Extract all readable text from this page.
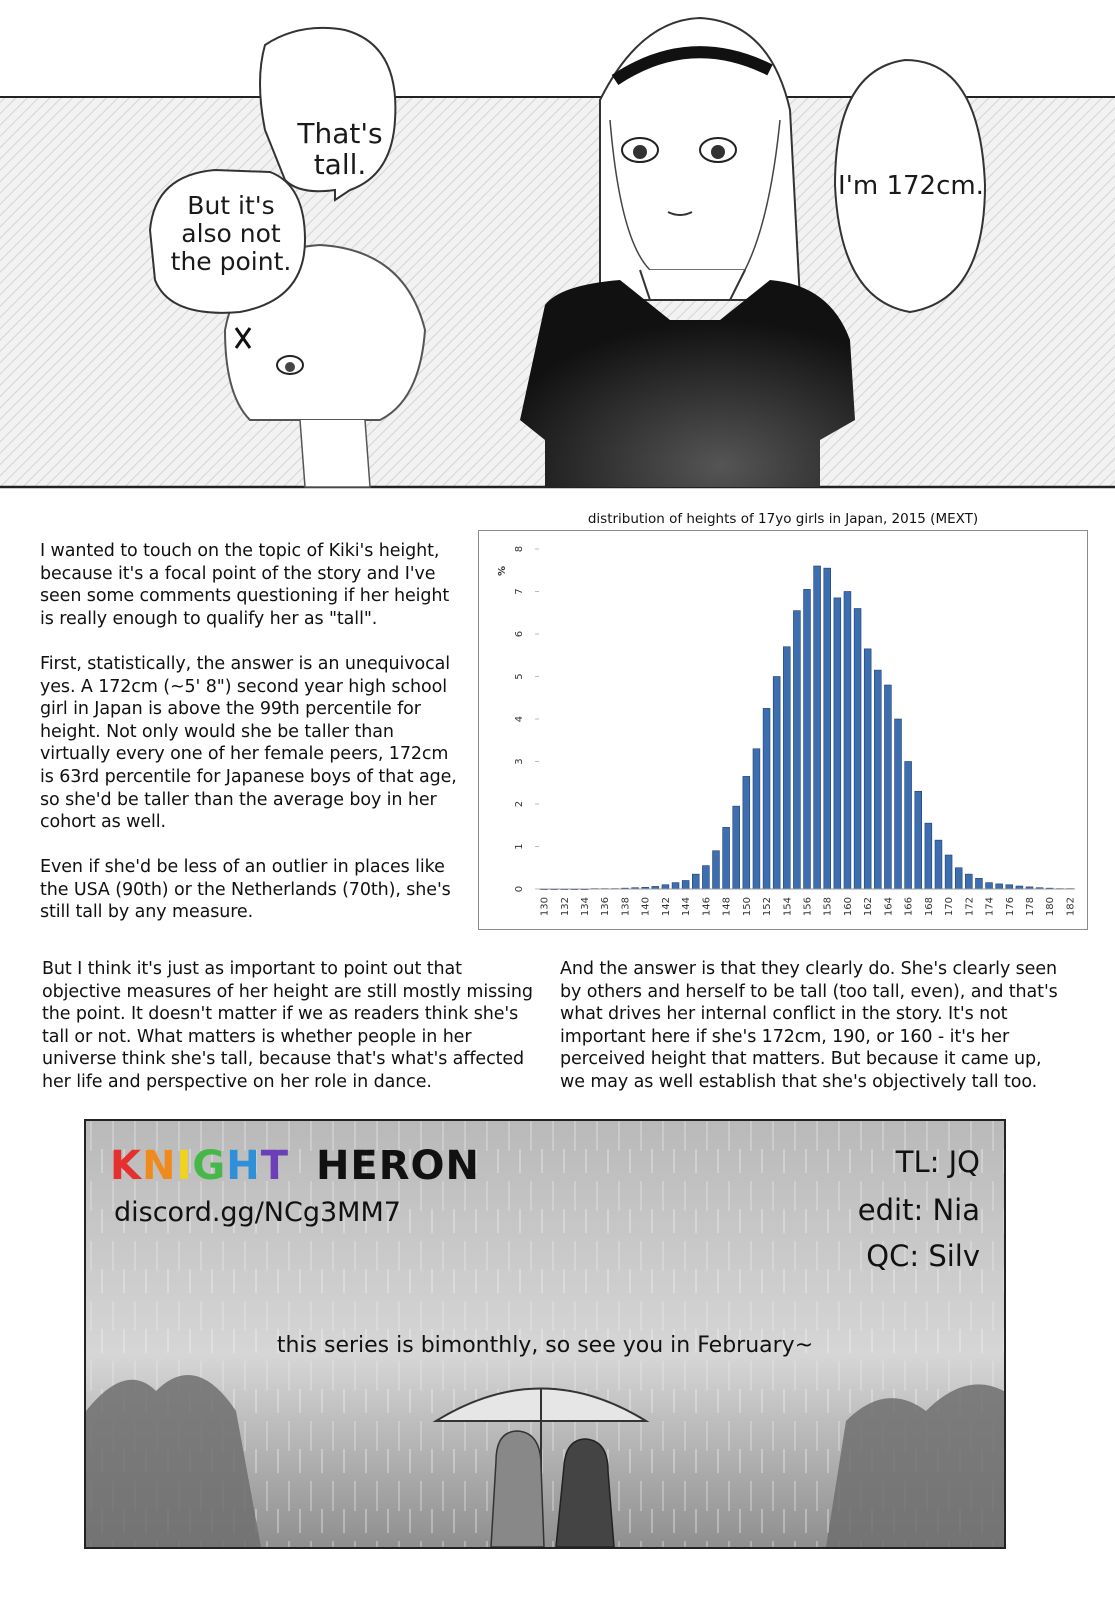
That's tall.
But it's also not the point.
I'm 172cm.

I wanted to touch on the topic of Kiki's height, because it's a focal point of the story and I've seen some comments questioning if her height is really enough to qualify her as "tall".

First, statistically, the answer is an unequivocal yes. A 172cm (~5' 8") second year high school girl in Japan is above the 99th percentile for height. Not only would she be taller than virtually every one of her female peers, 172cm is 63rd percentile for Japanese boys of that age, so she'd be taller than the average boy in her cohort as well.

Even if she'd be less of an outlier in places like the USA (90th) or the Netherlands (70th), she's still tall by any measure.

But I think it's just as important to point out that objective measures of her height are still mostly missing the point. It doesn't matter if we as readers think she's tall or not. What matters is whether people in her universe think she's tall, because that's what's affected her life and perspective on her role in dance.

And the answer is that they clearly do. She's clearly seen by others and herself to be tall (too tall, even), and that's what drives her internal conflict in the story. It's not important here if she's 172cm, 190, or 160 - it's her perceived height that matters. But because it came up, we may as well establish that she's objectively tall too.

distribution of heights of 17yo girls in Japan, 2015 (MEXT)
0
1
2
3
4
5
6
7
8
130 132 134 136 138 140 142 144 146 148 150 152 154 156 158 160 162 164 166 168 170 172 174 176 178 180 182
%
KNIGHT HERON
discord.gg/NCg3MM7
TL: JQ
edit: Nia
QC: Silv
this series is bimonthly, so see you in February~
